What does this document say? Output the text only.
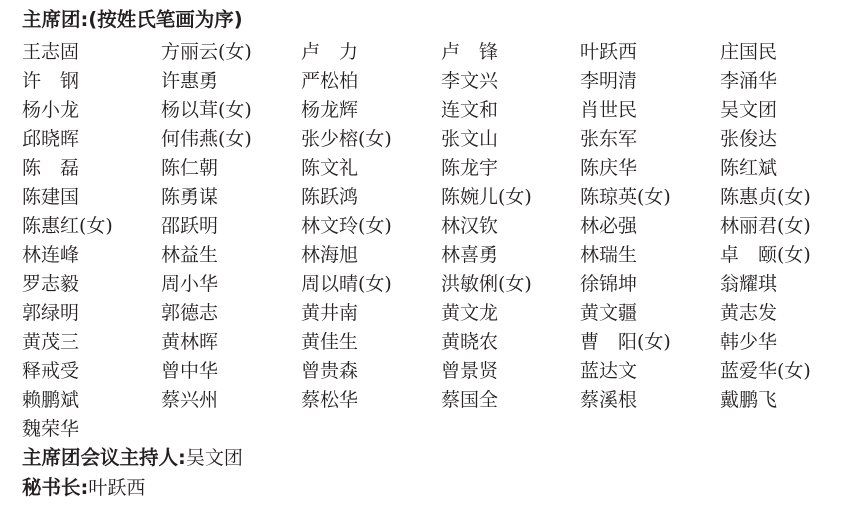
主席团:(按姓氏笔画为序)
王志固	方丽云(女)	卢　力	卢　锋	叶跃西	庄国民
许　钢	许惠勇	严松柏	李文兴	李明清	李涌华
杨小龙	杨以茸(女)	杨龙辉	连文和	肖世民	吴文团
邱晓晖	何伟燕(女)	张少榕(女)	张文山	张东军	张俊达
陈　磊	陈仁朝	陈文礼	陈龙宇	陈庆华	陈红斌
陈建国	陈勇谋	陈跃鸿	陈婉儿(女)	陈琼英(女)	陈惠贞(女)
陈惠红(女)	邵跃明	林文玲(女)	林汉钦	林必强	林丽君(女)
林连峰	林益生	林海旭	林喜勇	林瑞生	卓　颐(女)
罗志毅	周小华	周以晴(女)	洪敏俐(女)	徐锦坤	翁耀琪
郭绿明	郭德志	黄井南	黄文龙	黄文疆	黄志发
黄茂三	黄林晖	黄佳生	黄晓农	曹　阳(女)	韩少华
释戒受	曾中华	曾贵森	曾景贤	蓝达文	蓝爱华(女)
赖鹏斌	蔡兴州	蔡松华	蔡国全	蔡溪根	戴鹏飞
魏荣华
主席团会议主持人:吴文团
秘书长:叶跃西
